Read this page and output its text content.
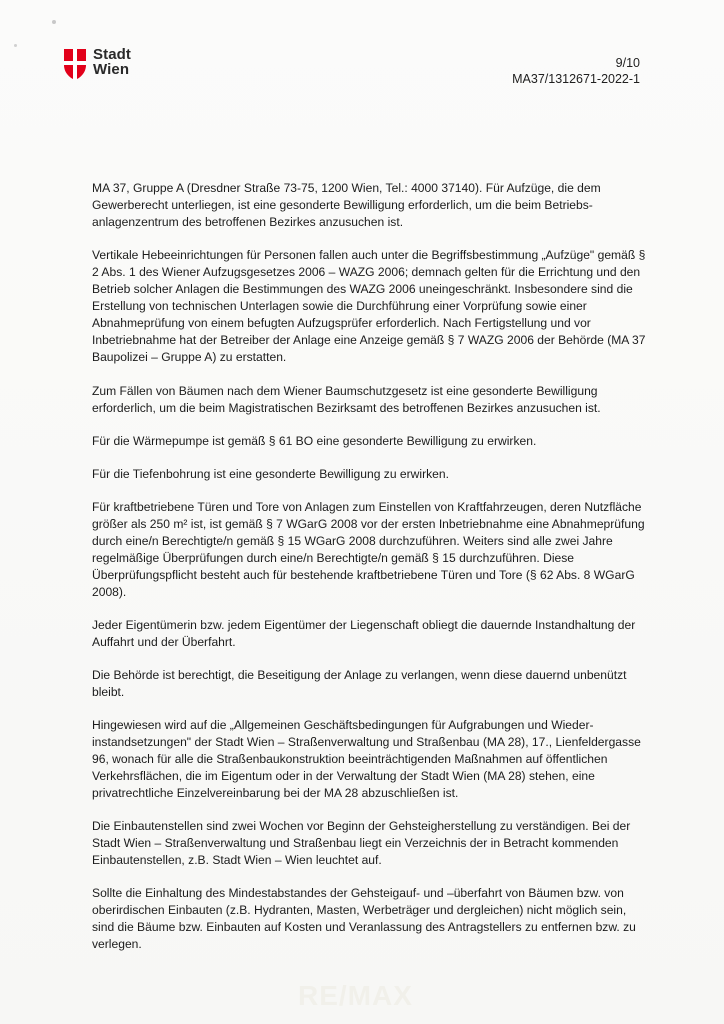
Stadt
Wien	9/10
MA37/1312671-2022-1

MA 37, Gruppe A (Dresdner Straße 73-75, 1200 Wien, Tel.: 4000 37140). Für Aufzüge, die dem Gewerberecht unterliegen, ist eine gesonderte Bewilligung erforderlich, um die beim Betriebsanlagenzentrum des betroffenen Bezirkes anzusuchen ist.

Vertikale Hebeeinrichtungen für Personen fallen auch unter die Begriffsbestimmung „Aufzüge" gemäß § 2 Abs. 1 des Wiener Aufzugsgesetzes 2006 – WAZG 2006; demnach gelten für die Errichtung und den Betrieb solcher Anlagen die Bestimmungen des WAZG 2006 uneingeschränkt. Insbesondere sind die Erstellung von technischen Unterlagen sowie die Durchführung einer Vorprüfung sowie einer Abnahmeprüfung von einem befugten Aufzugsprüfer erforderlich. Nach Fertigstellung und vor Inbetriebnahme hat der Betreiber der Anlage eine Anzeige gemäß § 7 WAZG 2006 der Behörde (MA 37 Baupolizei – Gruppe A) zu erstatten.

Zum Fällen von Bäumen nach dem Wiener Baumschutzgesetz ist eine gesonderte Bewilligung erforderlich, um die beim Magistratischen Bezirksamt des betroffenen Bezirkes anzusuchen ist.

Für die Wärmepumpe ist gemäß § 61 BO eine gesonderte Bewilligung zu erwirken.

Für die Tiefenbohrung ist eine gesonderte Bewilligung zu erwirken.

Für kraftbetriebene Türen und Tore von Anlagen zum Einstellen von Kraftfahrzeugen, deren Nutzfläche größer als 250 m² ist, ist gemäß § 7 WGarG 2008 vor der ersten Inbetriebnahme eine Abnahmeprüfung durch eine/n Berechtigte/n gemäß § 15 WGarG 2008 durchzuführen. Weiters sind alle zwei Jahre regelmäßige Überprüfungen durch eine/n Berechtigte/n gemäß § 15 durchzuführen. Diese Überprüfungspflicht besteht auch für bestehende kraftbetriebene Türen und Tore (§ 62 Abs. 8 WGarG 2008).

Jeder Eigentümerin bzw. jedem Eigentümer der Liegenschaft obliegt die dauernde Instandhaltung der Auffahrt und der Überfahrt.

Die Behörde ist berechtigt, die Beseitigung der Anlage zu verlangen, wenn diese dauernd unbenützt bleibt.

Hingewiesen wird auf die „Allgemeinen Geschäftsbedingungen für Aufgrabungen und Wiederinstandsetzungen" der Stadt Wien – Straßenverwaltung und Straßenbau (MA 28), 17., Lienfeldergasse 96, wonach für alle die Straßenbaukonstruktion beeinträchtigenden Maßnahmen auf öffentlichen Verkehrsflächen, die im Eigentum oder in der Verwaltung der Stadt Wien (MA 28) stehen, eine privatrechtliche Einzelvereinbarung bei der MA 28 abzuschließen ist.

Die Einbautenstellen sind zwei Wochen vor Beginn der Gehsteigherstellung zu verständigen. Bei der Stadt Wien – Straßenverwaltung und Straßenbau liegt ein Verzeichnis der in Betracht kommenden Einbautenstellen, z.B. Stadt Wien – Wien leuchtet auf.

Sollte die Einhaltung des Mindestabstandes der Gehsteigauf- und –überfahrt von Bäumen bzw. von oberirdischen Einbauten (z.B. Hydranten, Masten, Werbeträger und dergleichen) nicht möglich sein, sind die Bäume bzw. Einbauten auf Kosten und Veranlassung des Antragstellers zu entfernen bzw. zu verlegen.

RE/MAX
